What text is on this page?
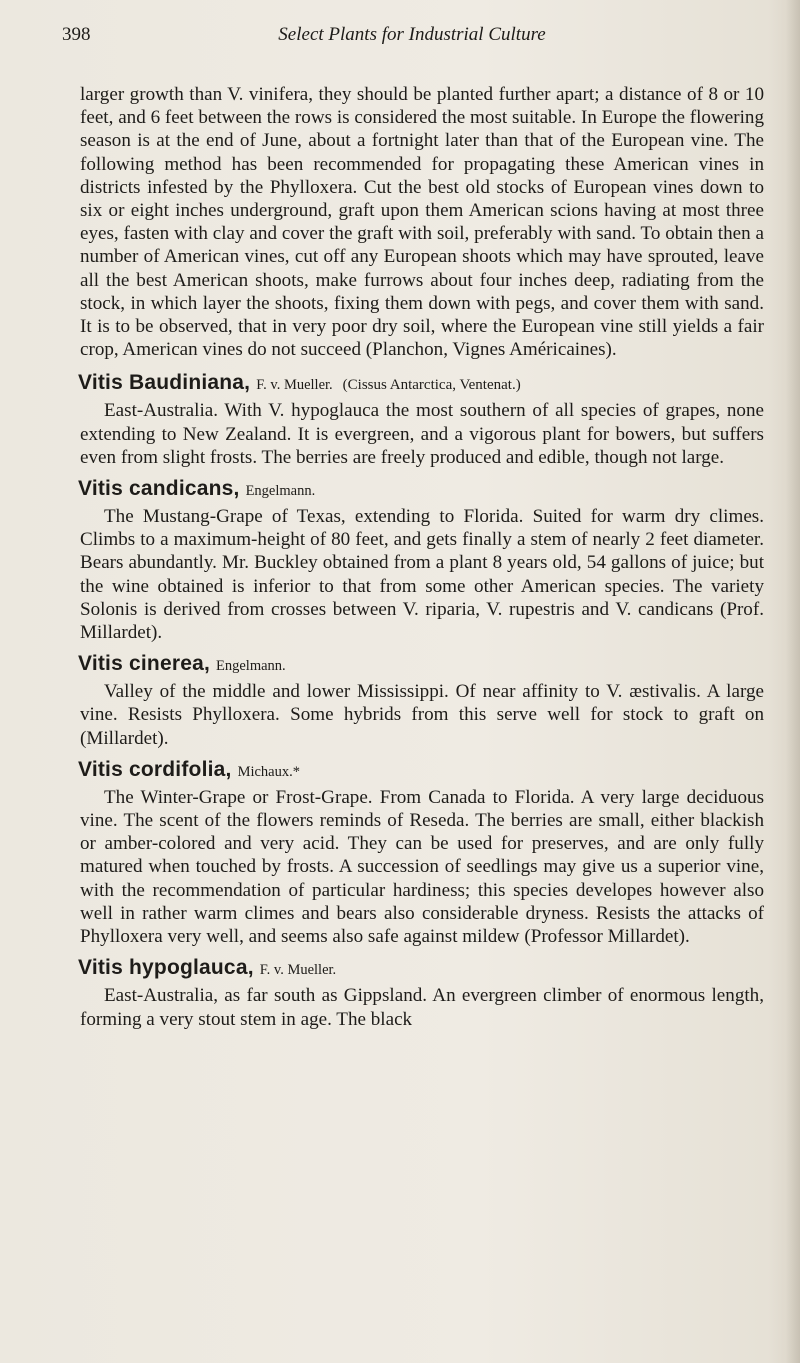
398	Select Plants for Industrial Culture

larger growth than V. vinifera, they should be planted further apart; a distance of 8 or 10 feet, and 6 feet between the rows is considered the most suitable. In Europe the flowering season is at the end of June, about a fortnight later than that of the European vine. The following method has been recommended for propagating these American vines in districts infested by the Phylloxera. Cut the best old stocks of European vines down to six or eight inches underground, graft upon them American scions having at most three eyes, fasten with clay and cover the graft with soil, preferably with sand. To obtain then a number of American vines, cut off any European shoots which may have sprouted, leave all the best American shoots, make furrows about four inches deep, radiating from the stock, in which layer the shoots, fixing them down with pegs, and cover them with sand. It is to be observed, that in very poor dry soil, where the European vine still yields a fair crop, American vines do not succeed (Planchon, Vignes Américaines).

Vitis Baudiniana, F. v. Mueller. (Cissus Antarctica, Ventenat.)

East-Australia. With V. hypoglauca the most southern of all species of grapes, none extending to New Zealand. It is evergreen, and a vigorous plant for bowers, but suffers even from slight frosts. The berries are freely produced and edible, though not large.

Vitis candicans, Engelmann.

The Mustang-Grape of Texas, extending to Florida. Suited for warm dry climes. Climbs to a maximum-height of 80 feet, and gets finally a stem of nearly 2 feet diameter. Bears abundantly. Mr. Buckley obtained from a plant 8 years old, 54 gallons of juice; but the wine obtained is inferior to that from some other American species. The variety Solonis is derived from crosses between V. riparia, V. rupestris and V. candicans (Prof. Millardet).

Vitis cinerea, Engelmann.

Valley of the middle and lower Mississippi. Of near affinity to V. æstivalis. A large vine. Resists Phylloxera. Some hybrids from this serve well for stock to graft on (Millardet).

Vitis cordifolia, Michaux.*

The Winter-Grape or Frost-Grape. From Canada to Florida. A very large deciduous vine. The scent of the flowers reminds of Reseda. The berries are small, either blackish or amber-colored and very acid. They can be used for preserves, and are only fully matured when touched by frosts. A succession of seedlings may give us a superior vine, with the recommendation of particular hardiness; this species developes however also well in rather warm climes and bears also considerable dryness. Resists the attacks of Phylloxera very well, and seems also safe against mildew (Professor Millardet).

Vitis hypoglauca, F. v. Mueller.

East-Australia, as far south as Gippsland. An evergreen climber of enormous length, forming a very stout stem in age. The black
